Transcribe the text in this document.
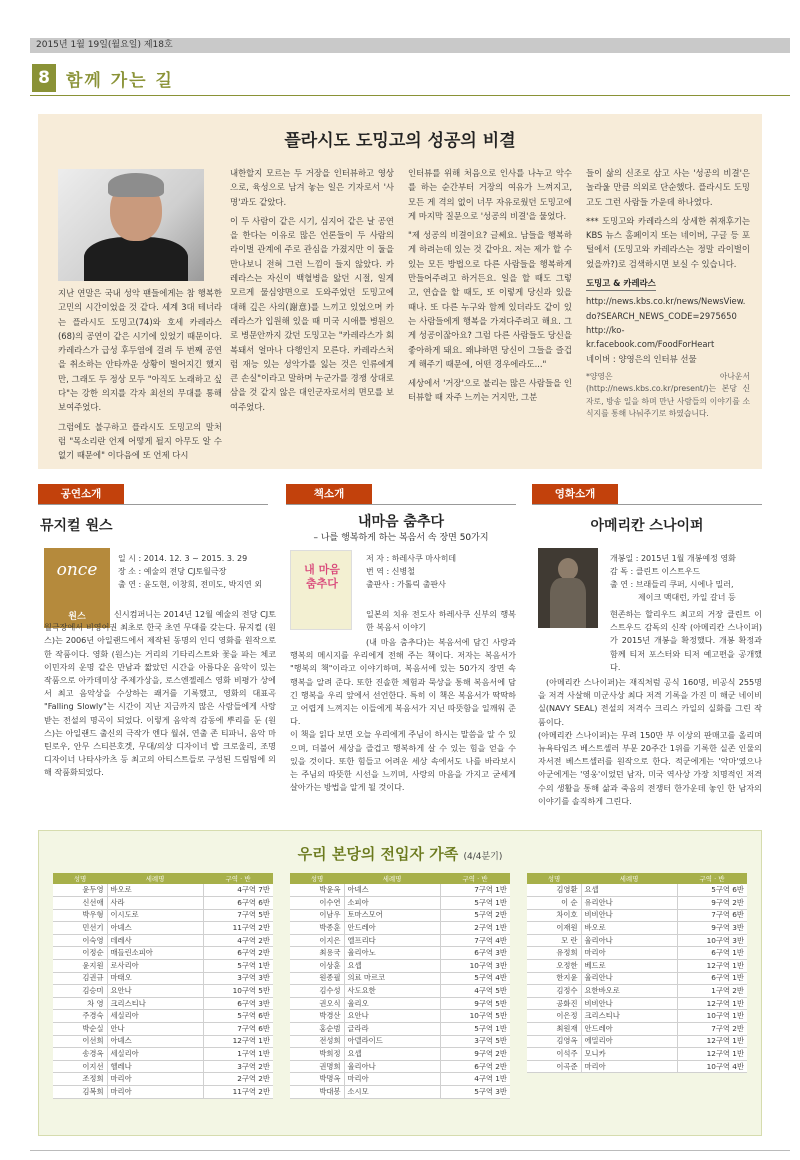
2015년 1월 19일(월요일) 제18호
8 함께 가는 길
플라시도 도밍고의 성공의 비결

지난 연말은 국내 성악 팬들에게는 참 행복한 고민의 시간이었을 것 같다. 세계 3대 테너라는 플라시도 도밍고(74)와 호세 카레라스(68)의 공연이 같은 시기에 있었기 때문이다. 카레라스가 급성 후두염에 걸려 두 번째 공연을 취소하는 안타까운 상황이 벌어지긴 했지만, 그래도 두 정상 모두 "아직도 노래하고 싶다"는 강한 의지를 각자 최선의 무대를 통해 보여주었다.

그럼에도 불구하고 플라시도 도밍고의 말처럼 "목소리란 언제 어떻게 될지 아무도 알 수 없기 때문에" 이다음에 또 언제 다시

내한할지 모르는 두 거장을 인터뷰하고 영상으로, 육성으로 남겨 놓는 일은 기자로서 '사명'과도 같았다.

이 두 사람이 같은 시기, 심지어 같은 날 공연을 한다는 이유로 많은 언론들이 두 사람의 라이벌 관계에 주로 관심을 가졌지만 이 둘을 만나보니 전혀 그런 느낌이 들지 않았다. 카레라스는 자신이 백혈병을 앓던 시절, 일게 모르게 물심양면으로 도와주었던 도밍고에 대해 깊은 사의(謝意)를 느끼고 있었으며 카레라스가 입원해 있을 때 미국 시애틀 병원으로 병문안까지 갔던 도밍고는 "카레라스가 회복돼서 얼마나 다행인지 모른다. 카레라스처럼 재능 있는 성악가를 잃는 것은 인류에게 큰 손실"이라고 말하며 누군가를 경쟁 상대로 삼을 것 같지 않은 대인군자로서의 면모를 보여주었다.

인터뷰를 위해 처음으로 인사를 나누고 악수를 하는 순간부터 거장의 여유가 느껴지고, 모든 게 격의 없이 너무 자유로웠던 도밍고에게 마지막 질문으로 '성공의 비결'을 물었다.

"제 성공의 비결이요? 글쎄요. 남들을 행복하게 하려는데 있는 것 같아요. 저는 제가 할 수 있는 모든 방법으로 다른 사람들을 행복하게 만들어주려고 하거든요. 일을 할 때도 그렇고, 연습을 할 때도, 또 이렇게 당신과 있을 때나. 또 다른 누구와 함께 있더라도 같이 있는 사람들에게 행복을 가져다주려고 해요. 그게 성공이잖아요? 그럼 다른 사람들도 당신을 좋아하게 돼요. 왜냐하면 당신이 그들을 즐겁게 해주기 때문에, 어떤 경우에라도..."

세상에서 '거장'으로 불리는 많은 사람들을 인터뷰할 때 자주 느끼는 거지만, 그분

들이 삶의 신조로 삼고 사는 '성공의 비결'은 놀라울 만큼 의외로 단순했다. 플라시도 도밍고도 그런 사람들 가운데 하나였다.

*** 도밍고와 카레라스의 상세한 취재후기는 KBS 뉴스 홈페이지 또는 네이버, 구글 등 포털에서 (도밍고와 카레라스는 정말 라이벌이었을까?)로 검색하시면 보실 수 있습니다.

도밍고 & 카레라스
http://news.kbs.co.kr/news/NewsView.do?SEARCH_NEWS_CODE=2975650
http://ko-kr.facebook.com/FoodForHeart
네이버 : 양영은의 인터뷰 선물
*양영은 아나운서(http://news.kbs.co.kr/present/)는 본당 신자로, 방송 일을 하며 만난 사람들의 이야기를 소식지를 통해 나눠주기로 하였습니다.
공연소개	책소개	영화소개
뮤지컬 원스
once
원스
일 시 : 2014. 12. 3 ~ 2015. 3. 29
장 소 : 예술의 전당 CJ토월극장
출 연 : 윤도현, 이창희, 전미도, 박지연 외
신시컴퍼니는 2014년 12월 예술의 전당 CJ토월극장에서 비영어권 최초로 한국 초연 무대를 갖는다. 뮤지컬 (원스)는 2006년 아일랜드에서 제작된 동명의 인디 영화를 원작으로 한 작품이다. 영화 (원스)는 거리의 기타리스트와 꽃을 파는 체코 이민자의 운명 같은 만남과 짧았던 시간을 아름다운 음악이 있는 작품으로 아카데미상 주제가상을, 로스엔젤레스 영화 비평가 상에서 최고 음악상을 수상하는 쾌거를 기록했고, 영화의 대표곡 "Falling Slowly"는 시간이 지난 지금까지 많은 사람들에게 사랑받는 전설의 명곡이 되었다. 이렇게 음악적 감동에 뿌리를 둔 (원스)는 아일랜드 출신의 극작가 엔다 월쉬, 연출 존 티파니, 음악 마틴로우, 안무 스티븐호겟, 무대/의상 디자이너 밥 크로울리, 조명 디자이너 나타샤카츠 등 최고의 아티스트들로 구성된 드림팀에 의해 작품화되었다.
내마음 춤추다
– 나를 행복하게 하는 복음서 속 장면 50가지
내 마음 춤추다
저 자 : 하레사쿠 마사히데
번 역 : 신병철
출판사 : 가톨릭 출판사
일본의 치유 전도사 하레사쿠 신부의 행복한 복음서 이야기
(내 마음 춤추다)는 복음서에 담긴 사랑과 행복의 메시지를 우리에게 전해 주는 책이다. 저자는 복음서가 "행복의 책"이라고 이야기하며, 복음서에 있는 50가지 장면 속 행복을 알려 준다. 또한 진솔한 체험과 묵상을 통해 복음서에 담긴 행복을 우리 앞에서 선언한다. 특히 이 책은 복음서가 딱딱하고 어렵게 느껴지는 이들에게 복음서가 지닌 따뜻함을 일깨워 준다.
이 책을 읽다 보면 오늘 우리에게 주님이 하시는 말씀을 알 수 있으며, 더불어 세상을 즐겁고 행복하게 살 수 있는 힘을 얻을 수 있을 것이다. 또한 힘들고 어려운 세상 속에서도 나를 바라보시는 주님의 따뜻한 시선을 느끼며, 사랑의 마음을 가지고 굳세게 살아가는 방법을 알게 될 것이다.
아메리칸 스나이퍼
개봉일 : 2015년 1월 개봉예정 영화
감 독 : 클린트 이스트우드
출 연 : 브래들리 쿠퍼, 시에나 밀러,
제이크 맥대런, 카일 갈너 등
현존하는 할리우드 최고의 거장 클린트 이스트우드 감독의 신작 (아메리칸 스나이퍼)가 2015년 개봉을 확정했다. 개봉 확정과 함께 티저 포스터와 티저 예고편을 공개했다.
(아메리칸 스나이퍼)는 재직처럼 공식 160명, 비공식 255명을 저격 사살해 미군사상 최다 저격 기록을 가진 미 해군 네이비 실(NAVY SEAL) 전설의 저격수 크리스 카일의 실화를 그린 작품이다.
(아메리칸 스나이퍼)는 무려 150만 부 이상의 판매고를 올리며 뉴욕타임즈 베스트셀러 부문 20주간 1위를 기록한 실존 인물의 자서전 베스트셀러를 원작으로 한다. 적군에게는 '악마'였으나 아군에게는 '영웅'이었던 남자, 미국 역사상 가장 치명적인 저격수의 생활을 통해 삶과 죽음의 전쟁터 한가운데 놓인 한 남자의 이야기를 솔직하게 그린다.
우리 본당의 전입자 가족 (4/4분기)
성명	세례명	구역 · 반
윤두영	바오로	4구역 7반
신선애	사라	6구역 6반
박우형	이시도로	7구역 5반
민선기	아녜스	11구역 2반
이숙영	데레사	4구역 2반
이정순	매들린소피아	6구역 2반
윤지원	로사리아	5구역 1반
김권규	마태오	3구역 3반
김승미	요안나	10구역 5반
차 영	크리스티나	6구역 3반
주경숙	세실리아	5구역 6반
박순실	안나	7구역 6반
이선희	아녜스	12구역 1반
송경옥	세실리아	1구역 1반
이지선	헬레나	3구역 2반
조정희	마리아	2구역 2반
김복희	마리아	11구역 2반
성명	세례명	구역 · 반
박윤옥	아녜스	7구역 1반
이수연	소피아	5구역 1반
이남우	토마스모어	5구역 2반
박종훈	안드레아	2구역 1반
이지은	엘프리다	7구역 4반
최용국	율리아노	6구역 3반
이상훈	요셉	10구역 3반
원종필	의료 마르코	5구역 4반
김수성	사도요한	4구역 5반
권오식	율리오	9구역 5반
박경산	요안나	10구역 5반
홍순범	글라라	5구역 1반
전성희	아델라이드	3구역 5반
박희정	요셉	9구역 2반
권명희	율리아나	6구역 2반
박명옥	마리아	4구역 1반
박대봉	소시모	5구역 3반
성명	세례명	구역 · 반
김영환	요셉	5구역 6반
이 순	유리안나	9구역 2반
차이호	비비안나	7구역 6반
이재원	바오로	9구역 3반
모 란	율리아나	10구역 3반
유정희	마리아	6구역 1반
오정한	베드로	12구역 1반
한지윤	율리안나	6구역 1반
김정수	요한바오로	1구역 2반
공화진	비비안나	12구역 1반
이은정	크리스티나	10구역 1반
최원재	안드레아	7구역 2반
김영옥	에밀리아	12구역 1반
이석주	모니카	12구역 1반
이곡준	마리아	10구역 4반
